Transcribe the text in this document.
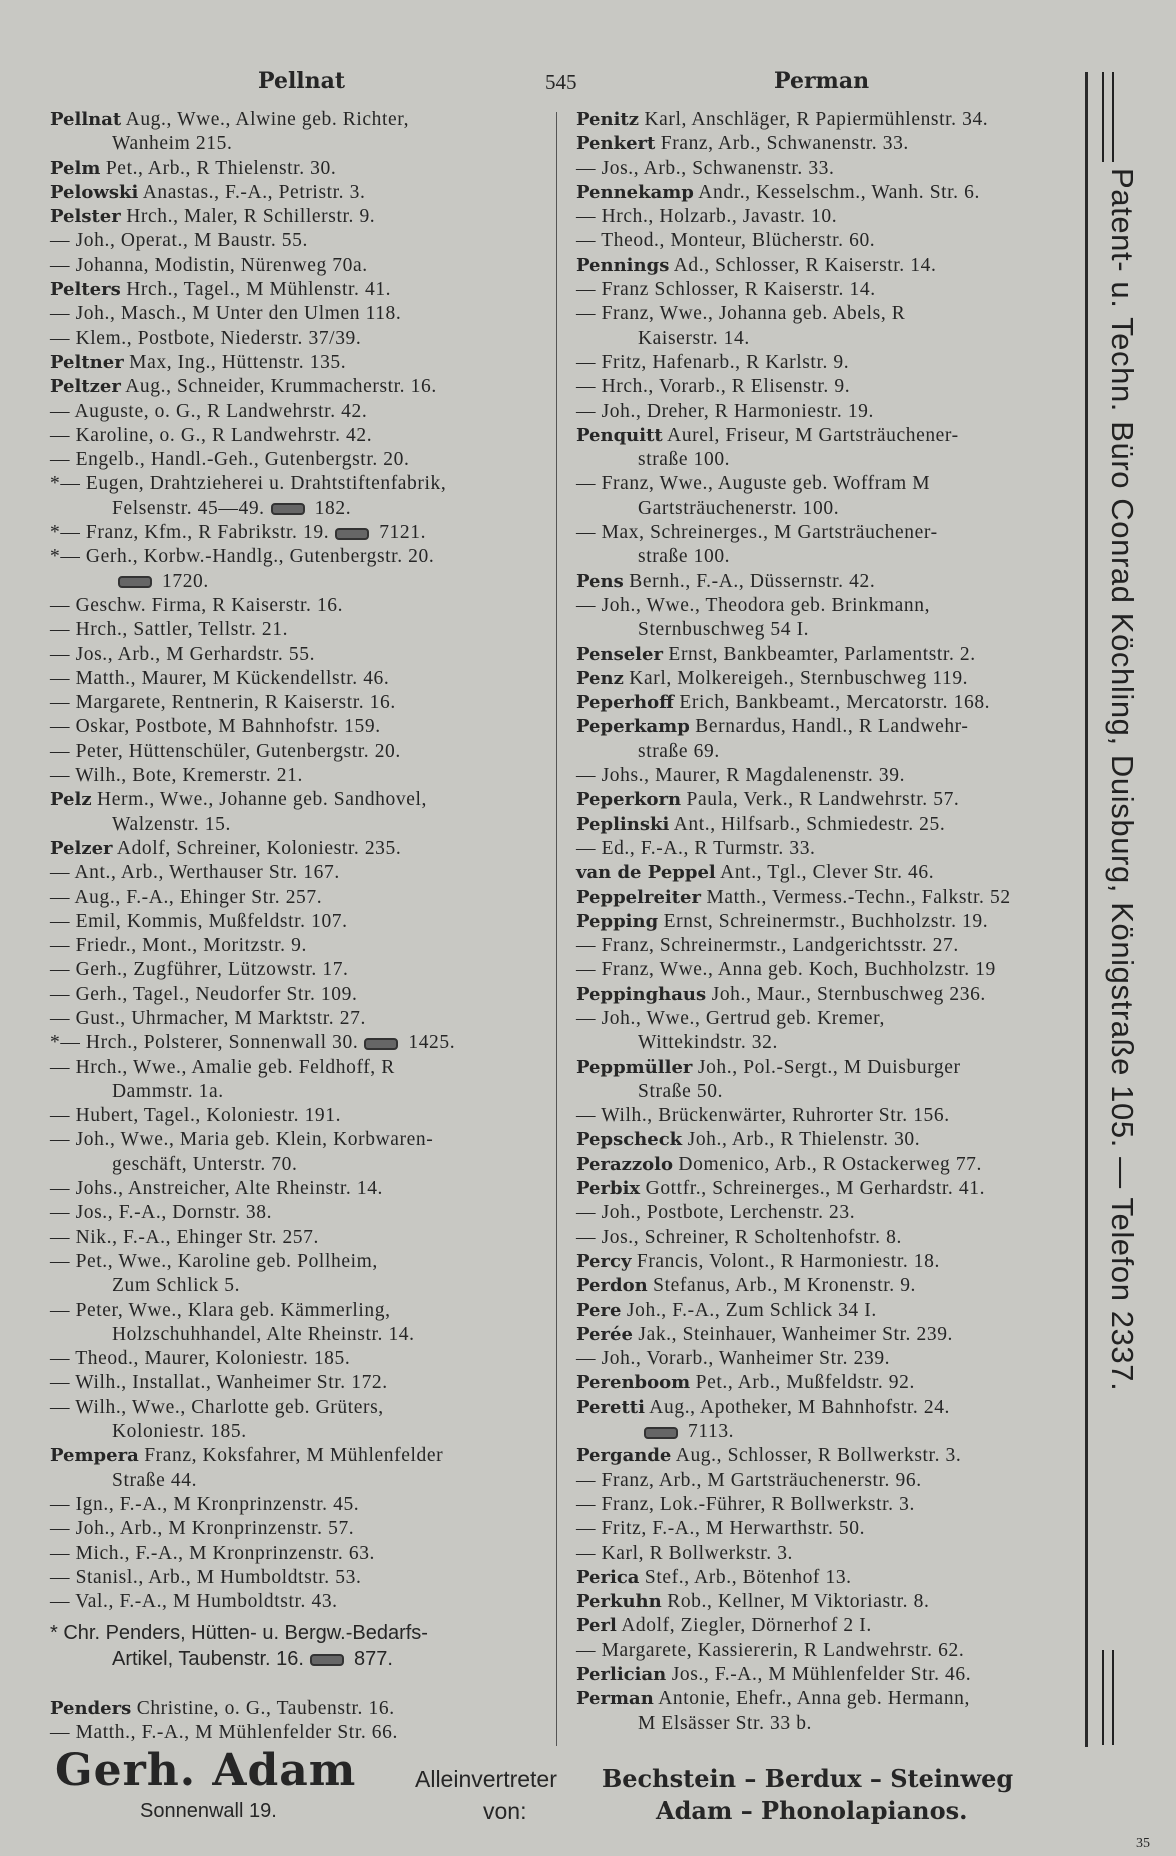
Pellnat	545	Perman
Pellnat Aug., Wwe., Alwine geb. Richter,
Wanheim 215.
Pelm Pet., Arb., R Thielenstr. 30.
Pelowski Anastas., F.-A., Petristr. 3.
Pelster Hrch., Maler, R Schillerstr. 9.
— Joh., Operat., M Baustr. 55.
— Johanna, Modistin, Nürenweg 70a.
Pelters Hrch., Tagel., M Mühlenstr. 41.
— Joh., Masch., M Unter den Ulmen 118.
— Klem., Postbote, Niederstr. 37/39.
Peltner Max, Ing., Hüttenstr. 135.
Peltzer Aug., Schneider, Krummacherstr. 16.
— Auguste, o. G., R Landwehrstr. 42.
— Karoline, o. G., R Landwehrstr. 42.
— Engelb., Handl.-Geh., Gutenbergstr. 20.
*— Eugen, Drahtzieherei u. Drahtstiftenfabrik,
Felsenstr. 45—49.	182.
*— Franz, Kfm., R Fabrikstr. 19.	7121.
*— Gerh., Korbw.-Handlg., Gutenbergstr. 20.
1720.
— Geschw. Firma, R Kaiserstr. 16.
— Hrch., Sattler, Tellstr. 21.
— Jos., Arb., M Gerhardstr. 55.
— Matth., Maurer, M Kückendellstr. 46.
— Margarete, Rentnerin, R Kaiserstr. 16.
— Oskar, Postbote, M Bahnhofstr. 159.
— Peter, Hüttenschüler, Gutenbergstr. 20.
— Wilh., Bote, Kremerstr. 21.
Pelz Herm., Wwe., Johanne geb. Sandhovel,
Walzenstr. 15.
Pelzer Adolf, Schreiner, Koloniestr. 235.
— Ant., Arb., Werthauser Str. 167.
— Aug., F.-A., Ehinger Str. 257.
— Emil, Kommis, Mußfeldstr. 107.
— Friedr., Mont., Moritzstr. 9.
— Gerh., Zugführer, Lützowstr. 17.
— Gerh., Tagel., Neudorfer Str. 109.
— Gust., Uhrmacher, M Marktstr. 27.
*— Hrch., Polsterer, Sonnenwall 30.	1425.
— Hrch., Wwe., Amalie geb. Feldhoff, R
Dammstr. 1a.
— Hubert, Tagel., Koloniestr. 191.
— Joh., Wwe., Maria geb. Klein, Korbwaren-
geschäft, Unterstr. 70.
— Johs., Anstreicher, Alte Rheinstr. 14.
— Jos., F.-A., Dornstr. 38.
— Nik., F.-A., Ehinger Str. 257.
— Pet., Wwe., Karoline geb. Pollheim,
Zum Schlick 5.
— Peter, Wwe., Klara geb. Kämmerling,
Holzschuhhandel, Alte Rheinstr. 14.
— Theod., Maurer, Koloniestr. 185.
— Wilh., Installat., Wanheimer Str. 172.
— Wilh., Wwe., Charlotte geb. Grüters,
Koloniestr. 185.
Pempera Franz, Koksfahrer, M Mühlenfelder
Straße 44.
— Ign., F.-A., M Kronprinzenstr. 45.
— Joh., Arb., M Kronprinzenstr. 57.
— Mich., F.-A., M Kronprinzenstr. 63.
— Stanisl., Arb., M Humboldtstr. 53.
— Val., F.-A., M Humboldtstr. 43.
* Chr. Penders, Hütten- u. Bergw.-Bedarfs-
Artikel, Taubenstr. 16.	877.
Penders Christine, o. G., Taubenstr. 16.
— Matth., F.-A., M Mühlenfelder Str. 66.
Penitz Karl, Anschläger, R Papiermühlenstr. 34.
Penkert Franz, Arb., Schwanenstr. 33.
— Jos., Arb., Schwanenstr. 33.
Pennekamp Andr., Kesselschm., Wanh. Str. 6.
— Hrch., Holzarb., Javastr. 10.
— Theod., Monteur, Blücherstr. 60.
Pennings Ad., Schlosser, R Kaiserstr. 14.
— Franz Schlosser, R Kaiserstr. 14.
— Franz, Wwe., Johanna geb. Abels, R
Kaiserstr. 14.
— Fritz, Hafenarb., R Karlstr. 9.
— Hrch., Vorarb., R Elisenstr. 9.
— Joh., Dreher, R Harmoniestr. 19.
Penquitt Aurel, Friseur, M Gartsträuchener-
straße 100.
— Franz, Wwe., Auguste geb. Woffram M
Gartsträuchenerstr. 100.
— Max, Schreinerges., M Gartsträuchener-
straße 100.
Pens Bernh., F.-A., Düssernstr. 42.
— Joh., Wwe., Theodora geb. Brinkmann,
Sternbuschweg 54 I.
Penseler Ernst, Bankbeamter, Parlamentstr. 2.
Penz Karl, Molkereigeh., Sternbuschweg 119.
Peperhoff Erich, Bankbeamt., Mercatorstr. 168.
Peperkamp Bernardus, Handl., R Landwehr-
straße 69.
— Johs., Maurer, R Magdalenenstr. 39.
Peperkorn Paula, Verk., R Landwehrstr. 57.
Peplinski Ant., Hilfsarb., Schmiedestr. 25.
— Ed., F.-A., R Turmstr. 33.
van de Peppel Ant., Tgl., Clever Str. 46.
Peppelreiter Matth., Vermess.-Techn., Falkstr. 52
Pepping Ernst, Schreinermstr., Buchholzstr. 19.
— Franz, Schreinermstr., Landgerichtsstr. 27.
— Franz, Wwe., Anna geb. Koch, Buchholzstr. 19
Peppinghaus Joh., Maur., Sternbuschweg 236.
— Joh., Wwe., Gertrud geb. Kremer,
Wittekindstr. 32.
Peppmüller Joh., Pol.-Sergt., M Duisburger
Straße 50.
— Wilh., Brückenwärter, Ruhrorter Str. 156.
Pepscheck Joh., Arb., R Thielenstr. 30.
Perazzolo Domenico, Arb., R Ostackerweg 77.
Perbix Gottfr., Schreinerges., M Gerhardstr. 41.
— Joh., Postbote, Lerchenstr. 23.
— Jos., Schreiner, R Scholtenhofstr. 8.
Percy Francis, Volont., R Harmoniestr. 18.
Perdon Stefanus, Arb., M Kronenstr. 9.
Pere Joh., F.-A., Zum Schlick 34 I.
Perée Jak., Steinhauer, Wanheimer Str. 239.
— Joh., Vorarb., Wanheimer Str. 239.
Perenboom Pet., Arb., Mußfeldstr. 92.
Peretti Aug., Apotheker, M Bahnhofstr. 24.
7113.
Pergande Aug., Schlosser, R Bollwerkstr. 3.
— Franz, Arb., M Gartsträuchenerstr. 96.
— Franz, Lok.-Führer, R Bollwerkstr. 3.
— Fritz, F.-A., M Herwarthstr. 50.
— Karl, R Bollwerkstr. 3.
Perica Stef., Arb., Bötenhof 13.
Perkuhn Rob., Kellner, M Viktoriastr. 8.
Perl Adolf, Ziegler, Dörnerhof 2 I.
— Margarete, Kassiererin, R Landwehrstr. 62.
Perlician Jos., F.-A., M Mühlenfelder Str. 46.
Perman Antonie, Ehefr., Anna geb. Hermann,
M Elsässer Str. 33 b.
Patent- u. Techn. Büro Conrad Köchling, Duisburg, Königstraße 105. — Telefon 2337.
Gerh. Adam
Sonnenwall 19.
Alleinvertreter
von:
Bechstein – Berdux – Steinweg
Adam – Phonolapianos.
35
